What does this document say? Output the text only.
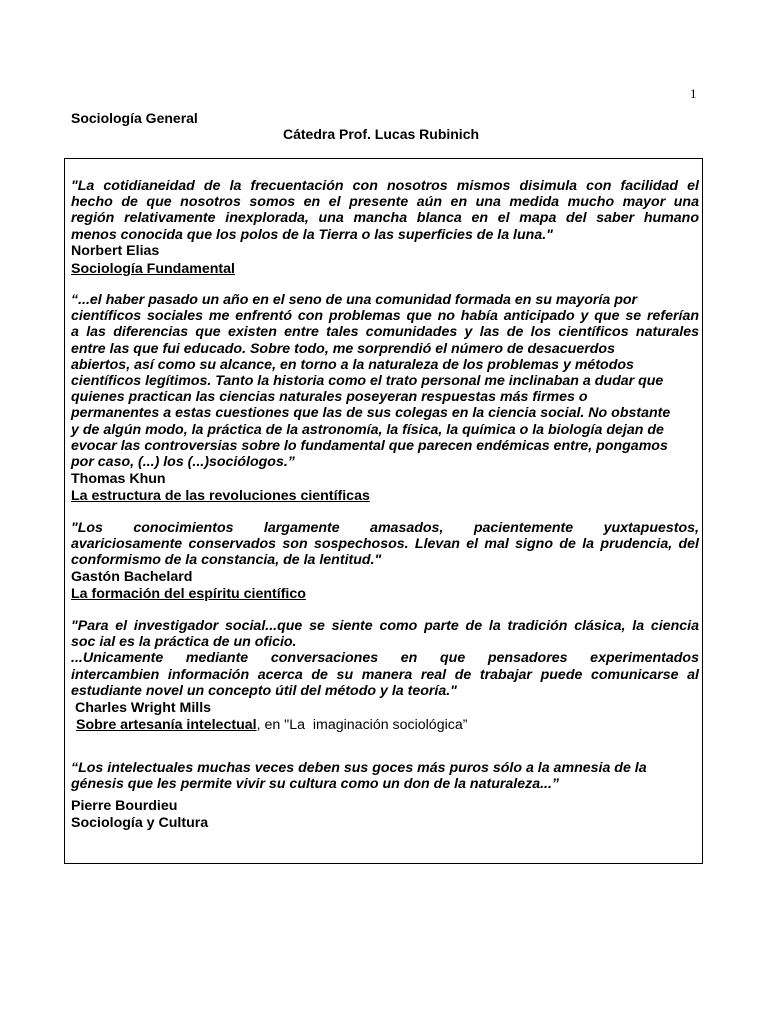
1
Sociología General
Cátedra Prof. Lucas Rubinich
"La cotidianeidad de la frecuentación con nosotros mismos disimula con facilidad el
hecho de que nosotros somos en el presente aún en una medida mucho mayor una
región relativamente inexplorada, una mancha blanca en el mapa del saber humano
menos conocida que los polos de la Tierra o las superficies de la luna."
Norbert Elias
Sociología Fundamental
“...el haber pasado un año en el seno de una comunidad formada en su mayoría por
científicos sociales me enfrentó con problemas que no había anticipado y que se referían
a las diferencias que existen entre tales comunidades y las de los científicos naturales
entre las que fui educado. Sobre todo, me sorprendió el número de desacuerdos
abiertos, así como su alcance, en torno a la naturaleza de los problemas y métodos
científicos legítimos. Tanto la historia como el trato personal me inclinaban a dudar que
quienes practican las ciencias naturales poseyeran respuestas más firmes o
permanentes a estas cuestiones que las de sus colegas en la ciencia social. No obstante
y de algún modo, la práctica de la astronomía, la física, la química o la biología dejan de
evocar las controversias sobre lo fundamental que parecen endémicas entre, pongamos
por caso, (...) los (...)sociólogos.”
Thomas Khun
La estructura de las revoluciones científicas
"Los conocimientos largamente amasados, pacientemente yuxtapuestos,
avariciosamente conservados son sospechosos. Llevan el mal signo de la prudencia, del
conformismo de la constancia, de la lentitud."
Gastón Bachelard
La formación del espíritu científico
"Para el investigador social...que se siente como parte de la tradición clásica, la ciencia
soc ial es la práctica de un oficio.
...Unicamente mediante conversaciones en que pensadores experimentados
intercambien información acerca de su manera real de trabajar puede comunicarse al
estudiante novel un concepto útil del método y la teoría."
Charles Wright Mills
Sobre artesanía intelectual, en "La  imaginación sociológica”
“Los intelectuales muchas veces deben sus goces más puros sólo a la amnesia de la
génesis que les permite vivir su cultura como un don de la naturaleza...”
Pierre Bourdieu
Sociología y Cultura
